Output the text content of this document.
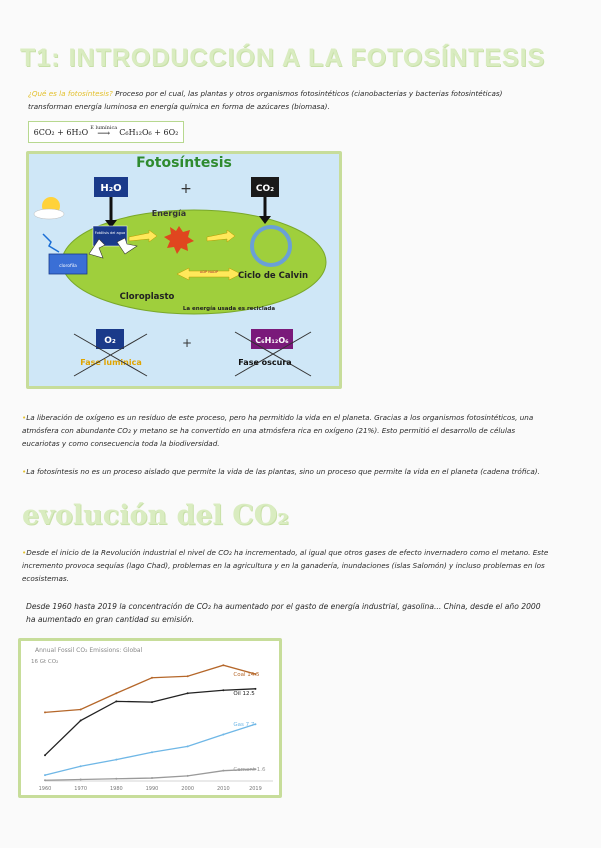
T1: INTRODUCCIÓN A LA FOTOSÍNTESIS
¿Qué es la fotosíntesis? Proceso por el cual, las plantas y otros organismos fotosintéticos (cianobacterias y bacterias fotosintéticas) transforman energía luminosa en energía química en forma de azúcares (biomasa).
6CO₂ + 6H₂O E lumínica
⟶ C₆H₁₂O₆ + 6O₂
Fotosíntesis
H₂O	+	CO₂
Energía
Fotólisis del agua
clorofila
ADP NADP Ciclo de Calvin
Cloroplasto
La energía usada es reciclada
O₂	+	C₆H₁₂O₆
Fase luminica	Fase oscura
•La liberación de oxígeno es un residuo de este proceso, pero ha permitido la vida en el planeta. Gracias a los organismos fotosintéticos, una atmósfera con abundante CO₂ y metano se ha convertido en una atmósfera rica en oxígeno (21%). Esto permitió el desarrollo de células eucariotas y como consecuencia toda la biodiversidad.
•La fotosíntesis no es un proceso aislado que permite la vida de las plantas, sino un proceso que permite la vida en el planeta (cadena trófica).
evolución del CO₂
•Desde el inicio de la Revolución industrial el nivel de CO₂ ha incrementado, al igual que otros gases de efecto invernadero como el metano. Este incremento provoca sequías (lago Chad), problemas en la agricultura y en la ganadería, inundaciones (islas Salomón) y incluso problemas en los ecosistemas.
Desde 1960 hasta 2019 la concentración de CO₂ ha aumentado por el gasto de energía industrial, gasolina... China, desde el año 2000 ha aumentado en gran cantidad su emisión.
Annual Fossil CO₂ Emissions: Global
16 Gt CO₂
1960	1970	1980	1990	2000	2010	2019
Coal 14.5
Oil 12.5
Gas 7.7
Cement 1.6
